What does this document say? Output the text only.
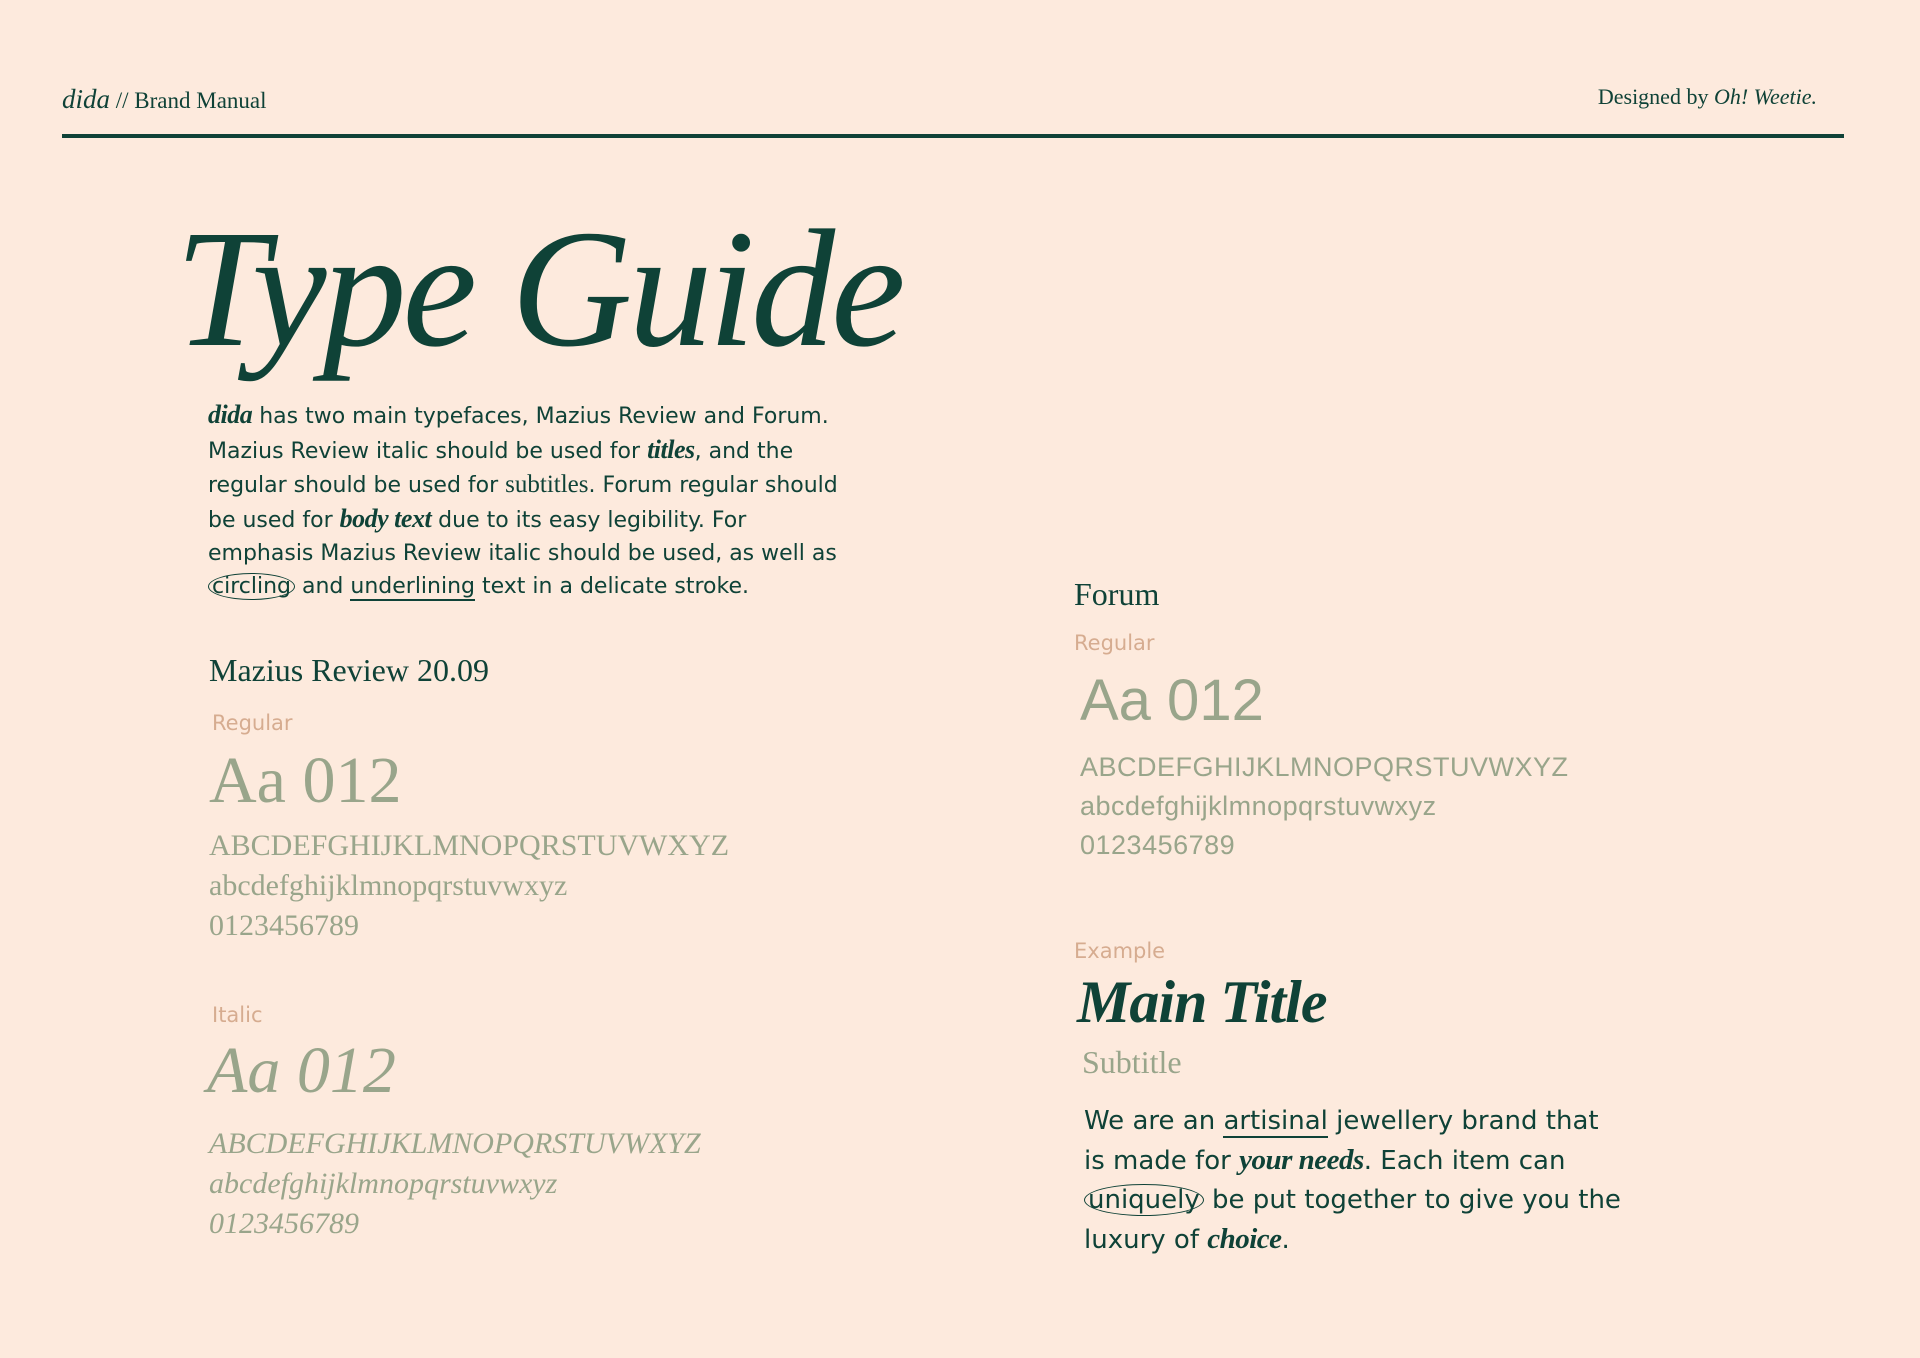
dida // Brand Manual	Designed by Oh! Weetie.
Type Guide

dida has two main typefaces, Mazius Review and Forum. Mazius Review italic should be used for titles, and the regular should be used for subtitles. Forum regular should be used for body text due to its easy legibility. For emphasis Mazius Review italic should be used, as well as circling and underlining text in a delicate stroke.

Mazius Review 20.09
Regular
Aa 012
ABCDEFGHIJKLMNOPQRSTUVWXYZ
abcdefghijklmnopqrstuvwxyz
0123456789
Italic
Aa 012
ABCDEFGHIJKLMNOPQRSTUVWXYZ
abcdefghijklmnopqrstuvwxyz
0123456789
Forum
Regular
Aa 012
ABCDEFGHIJKLMNOPQRSTUVWXYZ
abcdefghijklmnopqrstuvwxyz
0123456789
Example
Main Title
Subtitle

We are an artisinal jewellery brand that is made for your needs. Each item can uniquely be put together to give you the luxury of choice.
